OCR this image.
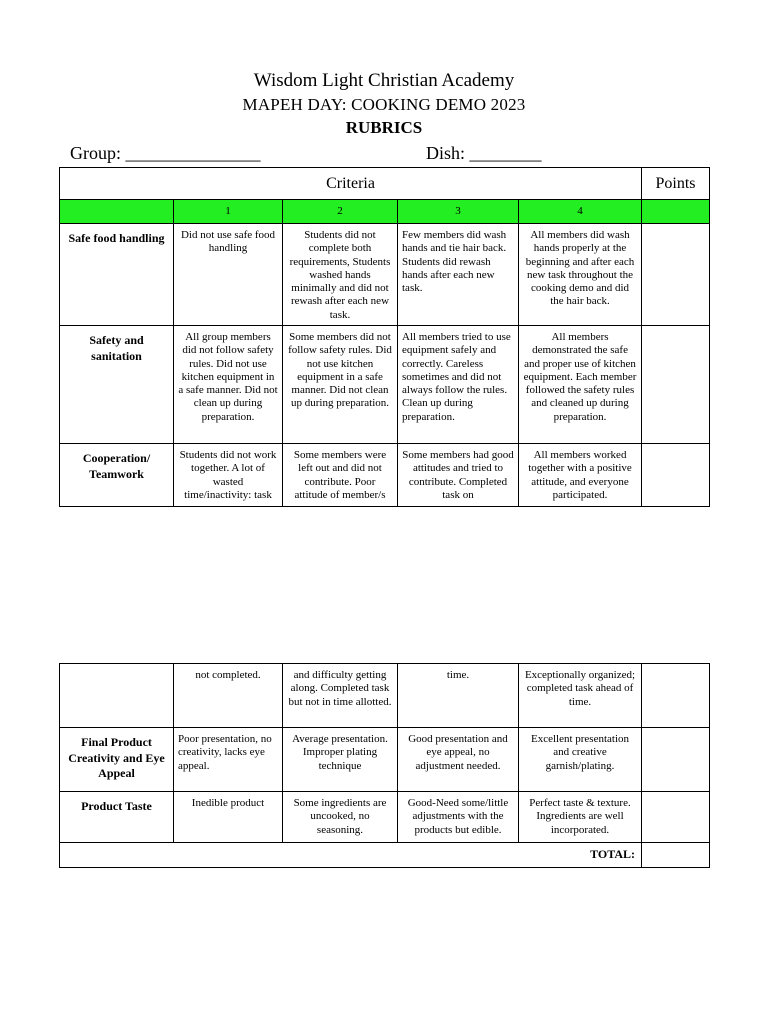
Wisdom Light Christian Academy
MAPEH DAY: COOKING DEMO 2023
RUBRICS
Group: _______________	Dish: ________
Criteria					Points
	1	2	3	4	
Safe food handling	Did not use safe food handling	Students did not complete both requirements, Students washed hands minimally and did not rewash after each new task.	Few members did wash hands and tie hair back. Students did rewash hands after each new task.	All members did wash hands properly at the beginning and after each new task throughout the cooking demo and did the hair back.	
Safety and sanitation	All group members did not follow safety rules. Did not use kitchen equipment in a safe manner. Did not clean up during preparation.	Some members did not follow safety rules. Did not use kitchen equipment in a safe manner. Did not clean up during preparation.	All members tried to use equipment safely and correctly. Careless sometimes and did not always follow the rules. Clean up during preparation.	All members demonstrated the safe and proper use of kitchen equipment. Each member followed the safety rules and cleaned up during preparation.	
Cooperation/ Teamwork	Students did not work together. A lot of wasted time/inactivity: task	Some members were left out and did not contribute. Poor attitude of member/s	Some members had good attitudes and tried to contribute. Completed task on	All members worked together with a positive attitude, and everyone participated.	
	not completed.	and difficulty getting along. Completed task but not in time allotted.	time.	Exceptionally organized; completed task ahead of time.	
Final Product Creativity and Eye Appeal	Poor presentation, no creativity, lacks eye appeal.	Average presentation. Improper plating technique	Good presentation and eye appeal, no adjustment needed.	Excellent presentation and creative garnish/plating.	
Product Taste	Inedible product	Some ingredients are uncooked, no seasoning.	Good-Need some/little adjustments with the products but edible.	Perfect taste & texture. Ingredients are well incorporated.	
TOTAL:					
